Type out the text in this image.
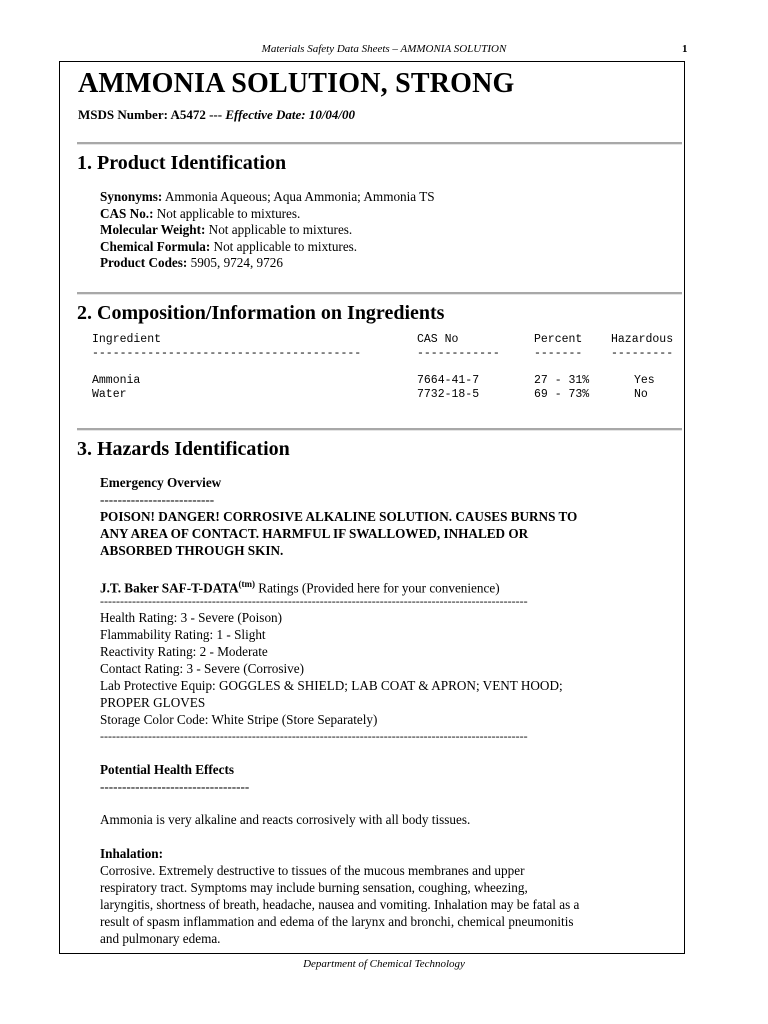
Materials Safety Data Sheets – AMMONIA SOLUTION	1
AMMONIA SOLUTION, STRONG
MSDS Number: A5472 --- Effective Date: 10/04/00
1. Product Identification
Synonyms: Ammonia Aqueous; Aqua Ammonia; Ammonia TS
CAS No.: Not applicable to mixtures.
Molecular Weight: Not applicable to mixtures.
Chemical Formula: Not applicable to mixtures.
Product Codes: 5905, 9724, 9726
2. Composition/Information on Ingredients
Ingredient	CAS No	Percent Hazardous
---------------------------------------	------------	------- ---------
Ammonia	7664-41-7	27 - 31%	Yes
Water	7732-18-5	69 - 73%	No
3. Hazards Identification
Emergency Overview
--------------------------
POISON! DANGER! CORROSIVE ALKALINE SOLUTION. CAUSES BURNS TO
ANY AREA OF CONTACT. HARMFUL IF SWALLOWED, INHALED OR
ABSORBED THROUGH SKIN.
J.T. Baker SAF-$T-DATA^{(tm)}$ Ratings (Provided here for your convenience)
-----------------------------------------------------------------------------------------------------------
Health Rating: 3 - Severe (Poison)
Flammability Rating: 1 - Slight
Reactivity Rating: 2 - Moderate
Contact Rating: 3 - Severe (Corrosive)
Lab Protective Equip: GOGGLES & SHIELD; LAB COAT & APRON; VENT HOOD;
PROPER GLOVES
Storage Color Code: White Stripe (Store Separately)
-----------------------------------------------------------------------------------------------------------
Potential Health Effects
----------------------------------
Ammonia is very alkaline and reacts corrosively with all body tissues.
Inhalation:
Corrosive. Extremely destructive to tissues of the mucous membranes and upper
respiratory tract. Symptoms may include burning sensation, coughing, wheezing,
laryngitis, shortness of breath, headache, nausea and vomiting. Inhalation may be fatal as a
result of spasm inflammation and edema of the larynx and bronchi, chemical pneumonitis
and pulmonary edema.
Department of Chemical Technology
